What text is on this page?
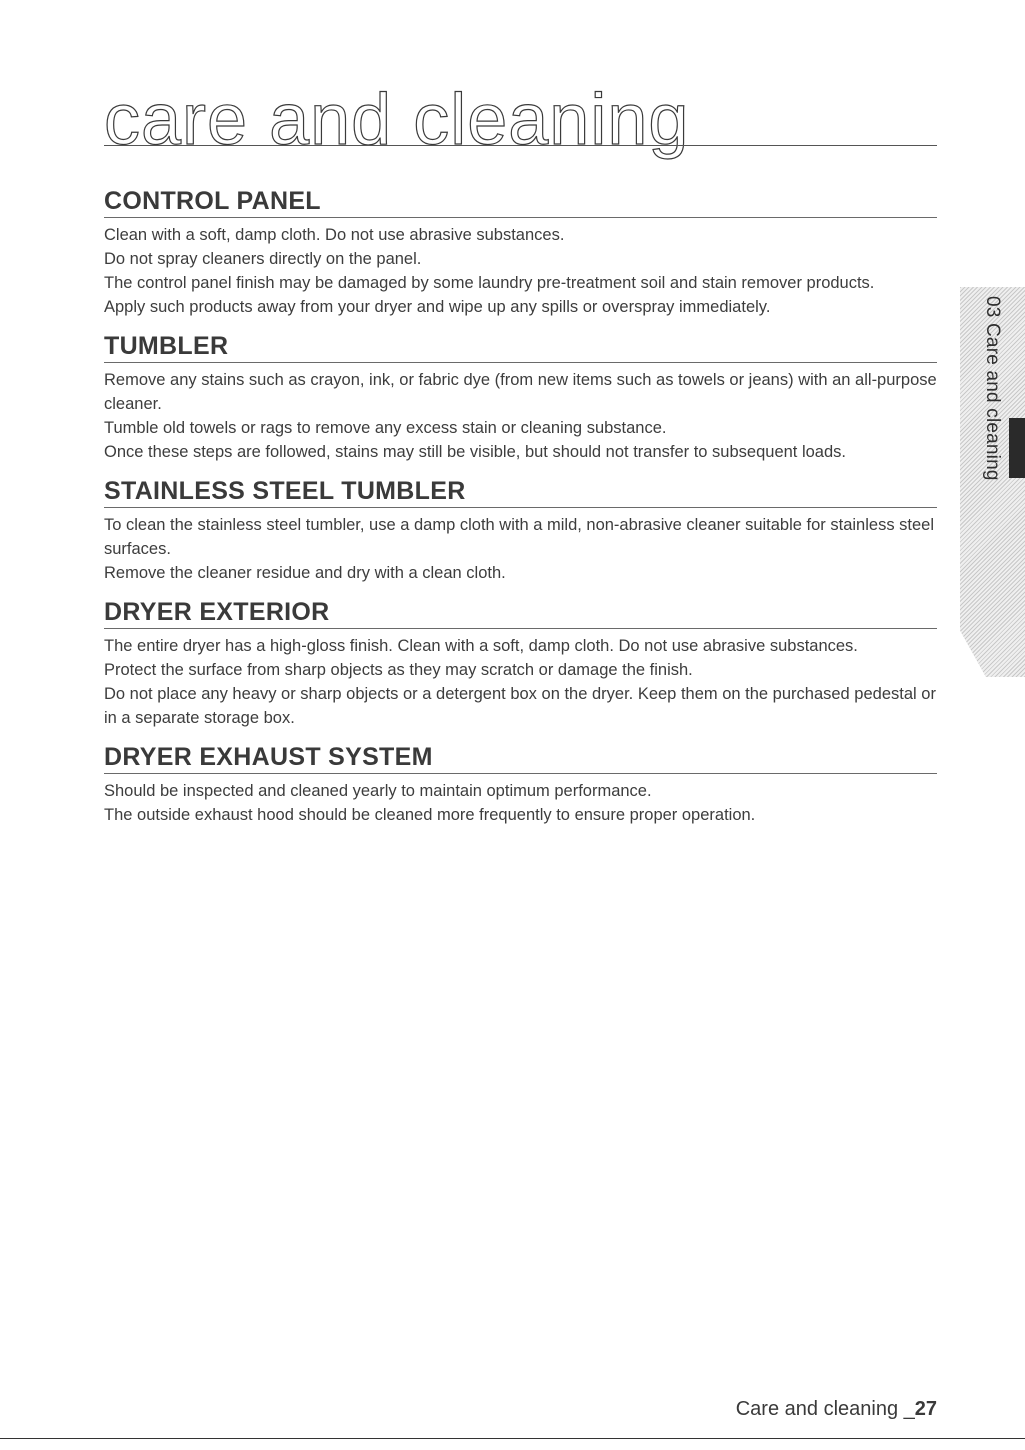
care and cleaning
CONTROL PANEL

Clean with a soft, damp cloth. Do not use abrasive substances.

Do not spray cleaners directly on the panel.

The control panel finish may be damaged by some laundry pre-treatment soil and stain remover products.

Apply such products away from your dryer and wipe up any spills or overspray immediately.

TUMBLER

Remove any stains such as crayon, ink, or fabric dye (from new items such as towels or jeans) with an all-purpose cleaner.

Tumble old towels or rags to remove any excess stain or cleaning substance.

Once these steps are followed, stains may still be visible, but should not transfer to subsequent loads.

STAINLESS STEEL TUMBLER

To clean the stainless steel tumbler, use a damp cloth with a mild, non-abrasive cleaner suitable for stainless steel surfaces.

Remove the cleaner residue and dry with a clean cloth.

DRYER EXTERIOR

The entire dryer has a high-gloss finish. Clean with a soft, damp cloth. Do not use abrasive substances.

Protect the surface from sharp objects as they may scratch or damage the finish.

Do not place any heavy or sharp objects or a detergent box on the dryer. Keep them on the purchased pedestal or in a separate storage box.

DRYER EXHAUST SYSTEM

Should be inspected and cleaned yearly to maintain optimum performance.

The outside exhaust hood should be cleaned more frequently to ensure proper operation.

03 Care and cleaning
Care and cleaning _27
